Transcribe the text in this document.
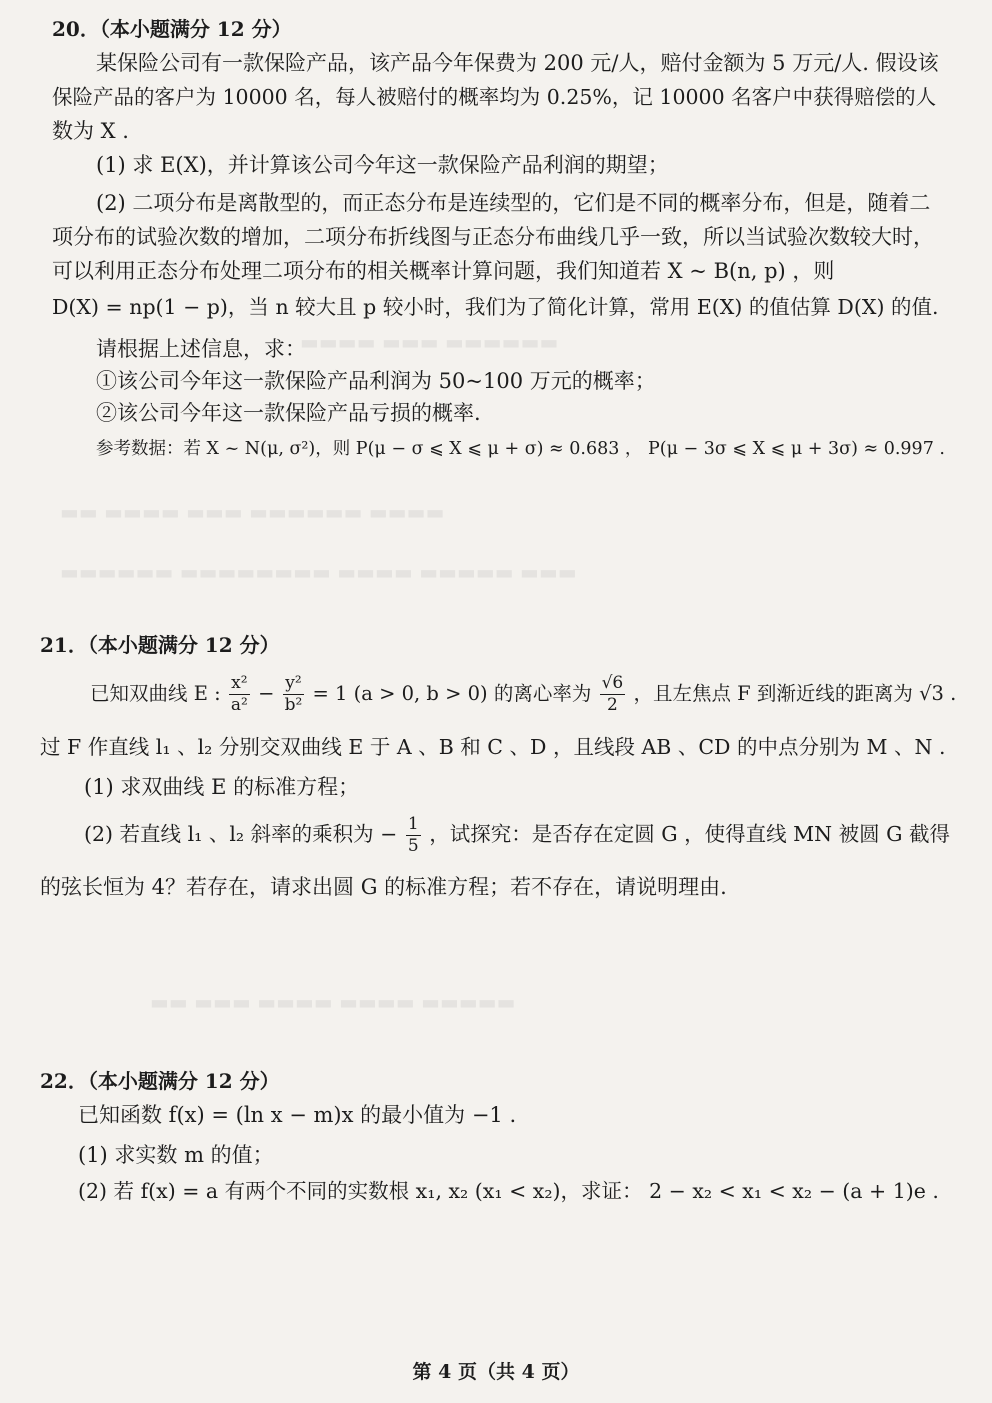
▬▬▬▬ ▬▬▬ ▬▬▬▬▬▬
▬▬ ▬▬▬▬ ▬▬▬ ▬▬▬▬▬▬ ▬▬▬▬
▬▬▬▬▬▬ ▬▬▬▬▬▬▬▬ ▬▬▬▬ ▬▬▬▬▬ ▬▬▬
▬▬ ▬▬▬ ▬▬▬▬ ▬▬▬▬ ▬▬▬▬▬
20．（本小题满分 12 分）
某保险公司有一款保险产品，该产品今年保费为 200 元/人，赔付金额为 5 万元/人. 假设该
保险产品的客户为 10000 名，每人被赔付的概率均为 0.25%，记 10000 名客户中获得赔偿的人
数为 X .
(1) 求 E(X)，并计算该公司今年这一款保险产品利润的期望；
(2) 二项分布是离散型的，而正态分布是连续型的，它们是不同的概率分布，但是，随着二
项分布的试验次数的增加，二项分布折线图与正态分布曲线几乎一致，所以当试验次数较大时，
可以利用正态分布处理二项分布的相关概率计算问题，我们知道若 X ~ B(n, p) ，则
D(X) = np(1 − p)，当 n 较大且 p 较小时，我们为了简化计算，常用 E(X) 的值估算 D(X) 的值.
请根据上述信息，求：
①该公司今年这一款保险产品利润为 50~100 万元的概率；
②该公司今年这一款保险产品亏损的概率.
参考数据：若 X ~ N(μ, σ²)，则 P(μ − σ ⩽ X ⩽ μ + σ) ≈ 0.683 ， P(μ − 3σ ⩽ X ⩽ μ + 3σ) ≈ 0.997 .
21．（本小题满分 12 分）
已知双曲线 E : $\frac{\text{x²}}{\text{a²}} - \frac{\text{y²}}{\text{b²}} = 1$ (a > 0, b > 0) 的离心率为 $\frac{√6}{2}$ ，且左焦点 F 到渐近线的距离为 √3 .
过 F 作直线 l₁ 、l₂ 分别交双曲线 E 于 A 、B 和 C 、D ，且线段 AB 、CD 的中点分别为 M 、N .
(1) 求双曲线 E 的标准方程；
(2) 若直线 l₁ 、l₂ 斜率的乘积为 − $\frac{1}{5}$ ，试探究：是否存在定圆 G ，使得直线 MN 被圆 G 截得
的弦长恒为 4？若存在，请求出圆 G 的标准方程；若不存在，请说明理由.
22．（本小题满分 12 分）
已知函数 f(x) = (ln x − m)x 的最小值为 −1 .
(1) 求实数 m 的值；
(2) 若 f(x) = a 有两个不同的实数根 x₁, x₂ (x₁ < x₂)，求证： 2 − x₂ < x₁ < x₂ − (a + 1)e .
第 4 页（共 4 页）
